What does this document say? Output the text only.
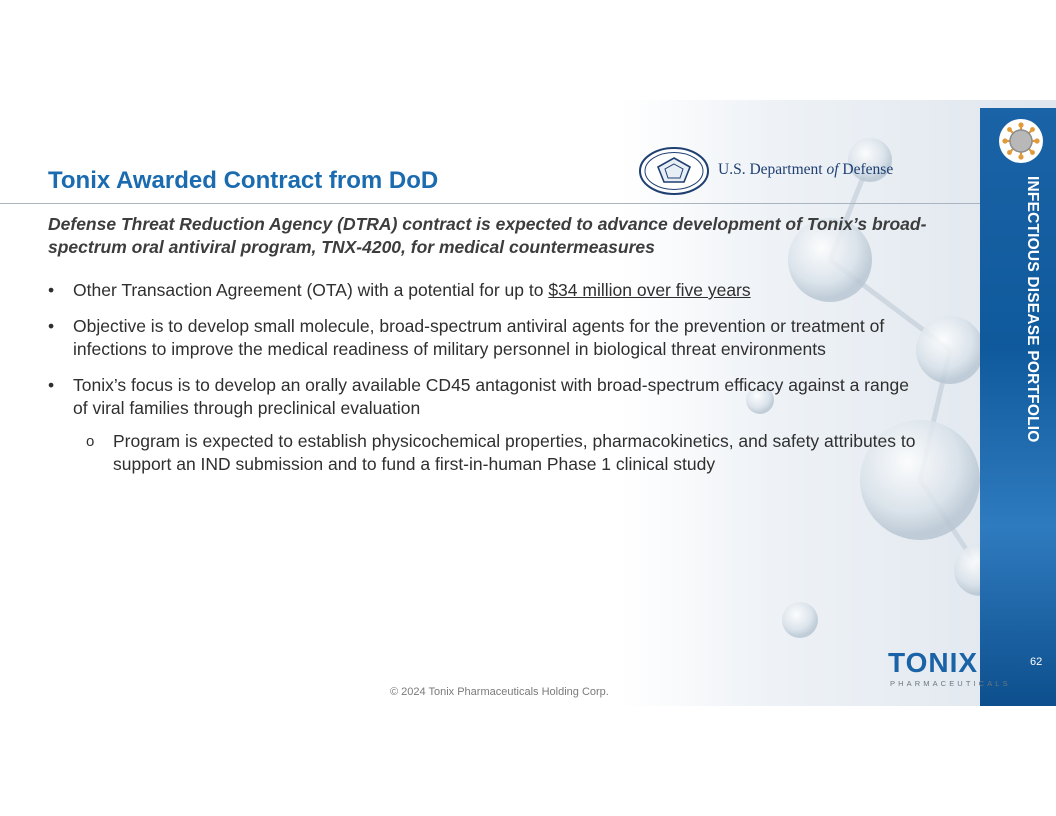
INFECTIOUS DISEASE PORTFOLIO
Tonix Awarded Contract from DoD	U.S. Department of Defense

Defense Threat Reduction Agency (DTRA) contract is expected to advance development of Tonix’s broad-spectrum oral antiviral program, TNX-4200, for medical countermeasures

• Other Transaction Agreement (OTA) with a potential for up to $34 million over five years
• Objective is to develop small molecule, broad-spectrum antiviral agents for the prevention or treatment of infections to improve the medical readiness of military personnel in biological threat environments
• Tonix’s focus is to develop an orally available CD45 antagonist with broad-spectrum efficacy against a range of viral families through preclinical evaluation
o Program is expected to establish physicochemical properties, pharmacokinetics, and safety attributes to support an IND submission and to fund a first-in-human Phase 1 clinical study
TONIX
PHARMACEUTICALS
62
© 2024 Tonix Pharmaceuticals Holding Corp.
